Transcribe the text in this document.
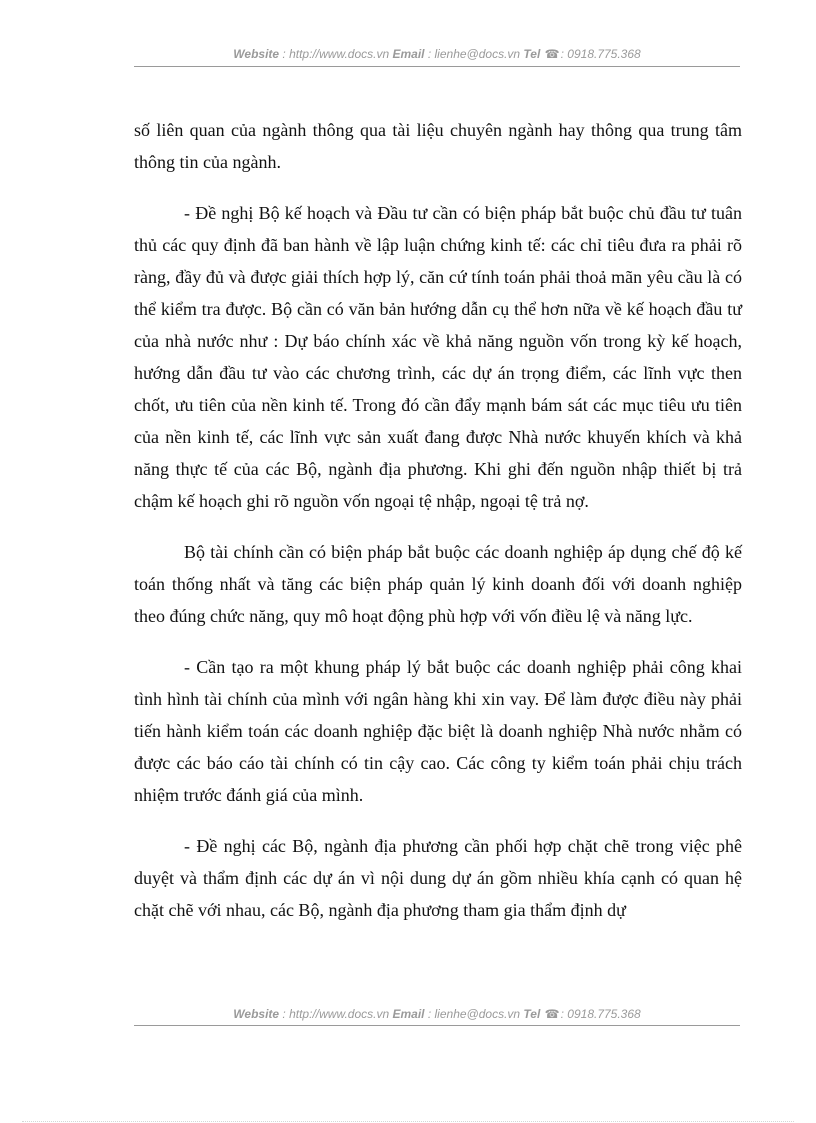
Website : http://www.docs.vn Email : lienhe@docs.vn Tel ☎: 0918.775.368

số liên quan của ngành thông qua tài liệu chuyên ngành hay thông qua trung tâm thông tin của ngành.

- Đề nghị Bộ kế hoạch và Đầu tư cần có biện pháp bắt buộc chủ đầu tư tuân thủ các quy định đã ban hành về lập luận chứng kinh tế: các chỉ tiêu đưa ra phải rõ ràng, đầy đủ và được giải thích hợp lý, căn cứ tính toán phải thoả mãn yêu cầu là có thể kiểm tra được. Bộ cần có văn bản hướng dẫn cụ thể hơn nữa về kế hoạch đầu tư của nhà nước như : Dự báo chính xác về khả năng nguồn vốn trong kỳ kế hoạch, hướng dẫn đầu tư vào các chương trình, các dự án trọng điểm, các lĩnh vực then chốt, ưu tiên của nền kinh tế. Trong đó cần đẩy mạnh bám sát các mục tiêu ưu tiên của nền kinh tế, các lĩnh vực sản xuất đang được Nhà nước khuyến khích và khả năng thực tế của các Bộ, ngành địa phương. Khi ghi đến nguồn nhập thiết bị trả chậm kế hoạch ghi rõ nguồn vốn ngoại tệ nhập, ngoại tệ trả nợ.

Bộ tài chính cần có biện pháp bắt buộc các doanh nghiệp áp dụng chế độ kế toán thống nhất và tăng các biện pháp quản lý kinh doanh đối với doanh nghiệp theo đúng chức năng, quy mô hoạt động phù hợp với vốn điều lệ và năng lực.

- Cần tạo ra một khung pháp lý bắt buộc các doanh nghiệp phải công khai tình hình tài chính của mình với ngân hàng khi xin vay. Để làm được điều này phải tiến hành kiểm toán các doanh nghiệp đặc biệt là doanh nghiệp Nhà nước nhằm có được các báo cáo tài chính có tin cậy cao. Các công ty kiểm toán phải chịu trách nhiệm trước đánh giá của mình.

- Đề nghị các Bộ, ngành địa phương cần phối hợp chặt chẽ trong việc phê duyệt và thẩm định các dự án vì nội dung dự án gồm nhiều khía cạnh có quan hệ chặt chẽ với nhau, các Bộ, ngành địa phương tham gia thẩm định dự

Website : http://www.docs.vn Email : lienhe@docs.vn Tel ☎: 0918.775.368
